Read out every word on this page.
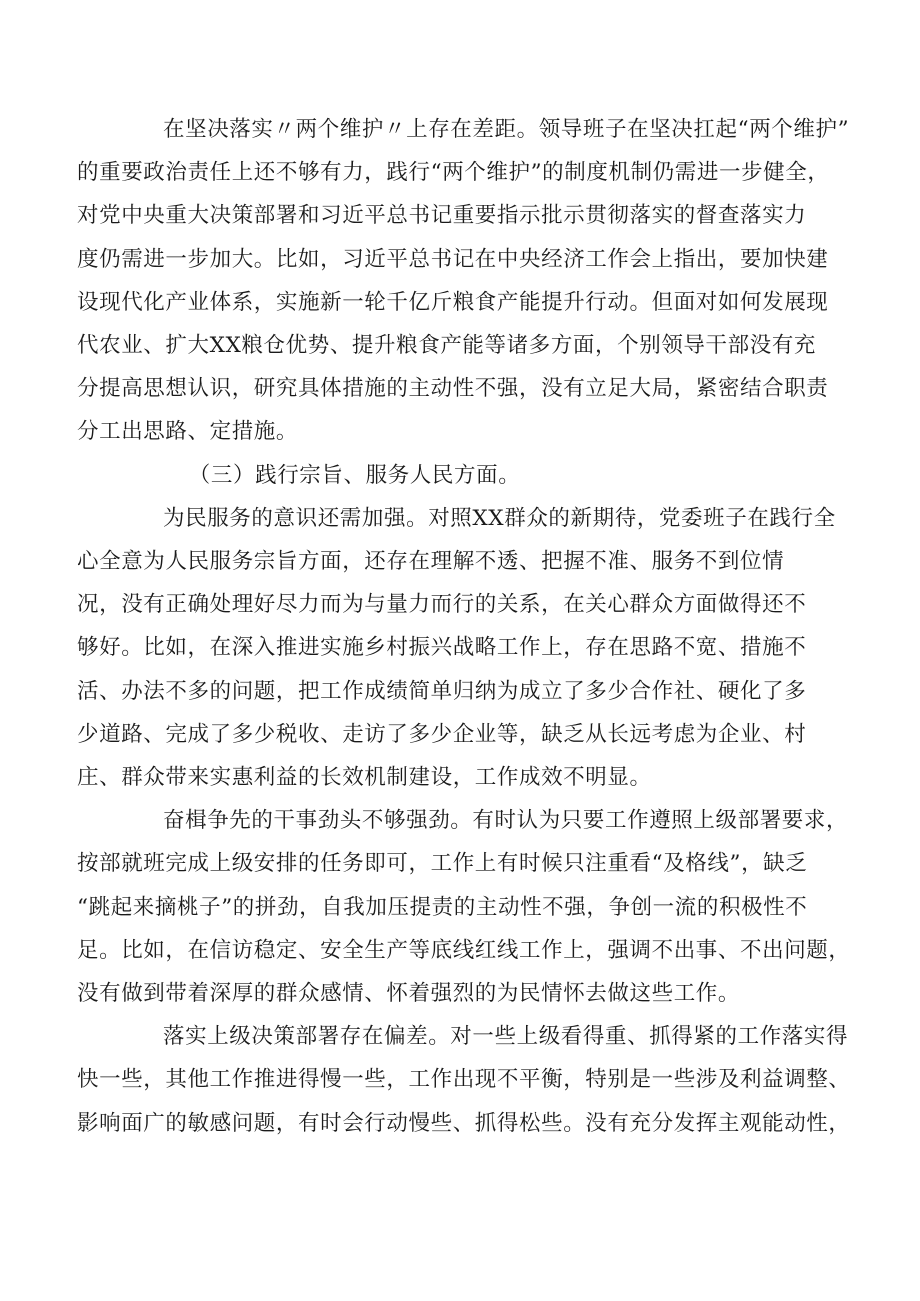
在坚决落实〃两个维护〃上存在差距。领导班子在坚决扛起“两个维护”
的重要政治责任上还不够有力，践行“两个维护”的制度机制仍需进一步健全，
对党中央重大决策部署和习近平总书记重要指示批示贯彻落实的督查落实力
度仍需进一步加大。比如，习近平总书记在中央经济工作会上指出，要加快建
设现代化产业体系，实施新一轮千亿斤粮食产能提升行动。但面对如何发展现
代农业、扩大XX粮仓优势、提升粮食产能等诸多方面，个别领导干部没有充
分提高思想认识，研究具体措施的主动性不强，没有立足大局，紧密结合职责
分工出思路、定措施。

（三）践行宗旨、服务人民方面。

为民服务的意识还需加强。对照XX群众的新期待，党委班子在践行全
心全意为人民服务宗旨方面，还存在理解不透、把握不准、服务不到位情
况，没有正确处理好尽力而为与量力而行的关系，在关心群众方面做得还不
够好。比如，在深入推进实施乡村振兴战略工作上，存在思路不宽、措施不
活、办法不多的问题，把工作成绩简单归纳为成立了多少合作社、硬化了多
少道路、完成了多少税收、走访了多少企业等，缺乏从长远考虑为企业、村
庄、群众带来实惠利益的长效机制建设，工作成效不明显。

奋楫争先的干事劲头不够强劲。有时认为只要工作遵照上级部署要求，
按部就班完成上级安排的任务即可，工作上有时候只注重看“及格线”，缺乏
“跳起来摘桃子”的拼劲，自我加压提责的主动性不强，争创一流的积极性不
足。比如，在信访稳定、安全生产等底线红线工作上，强调不出事、不出问题，
没有做到带着深厚的群众感情、怀着强烈的为民情怀去做这些工作。

落实上级决策部署存在偏差。对一些上级看得重、抓得紧的工作落实得
快一些，其他工作推进得慢一些，工作出现不平衡，特别是一些涉及利益调整、
影响面广的敏感问题，有时会行动慢些、抓得松些。没有充分发挥主观能动性，
